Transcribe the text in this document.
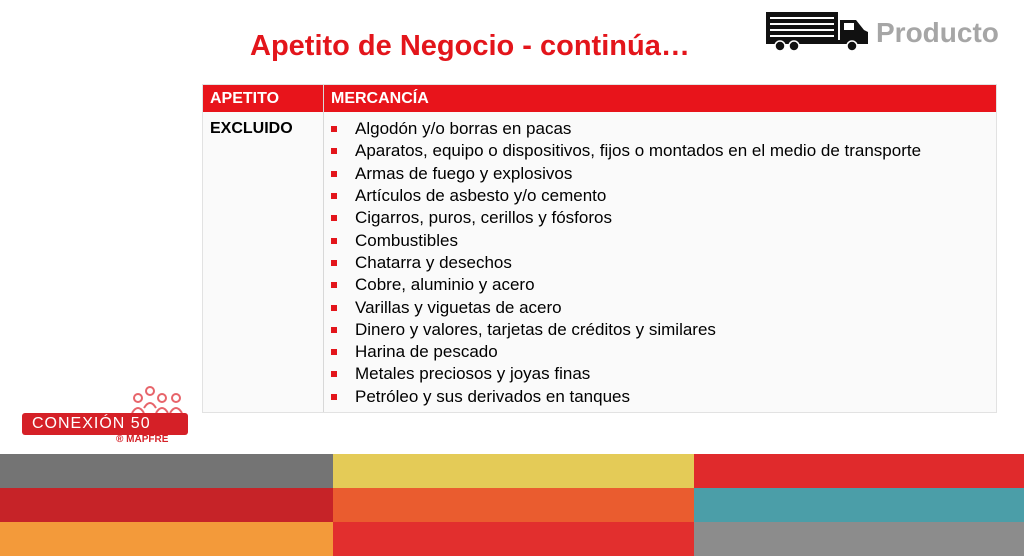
Apetito de Negocio - continúa…	Producto
APETITO	MERCANCÍA
EXCLUIDO	Algodón y/o borras en pacas
Aparatos, equipo o dispositivos, fijos o montados en el medio de transporte
Armas de fuego y explosivos
Artículos de asbesto y/o cemento
Cigarros, puros, cerillos y fósforos
Combustibles
Chatarra y desechos
Cobre, aluminio y acero
Varillas y viguetas de acero
Dinero y valores, tarjetas de créditos y similares
Harina de pescado
Metales preciosos y joyas finas
Petróleo y sus derivados en tanques
CONEXIÓN 50
® MAPFRE
